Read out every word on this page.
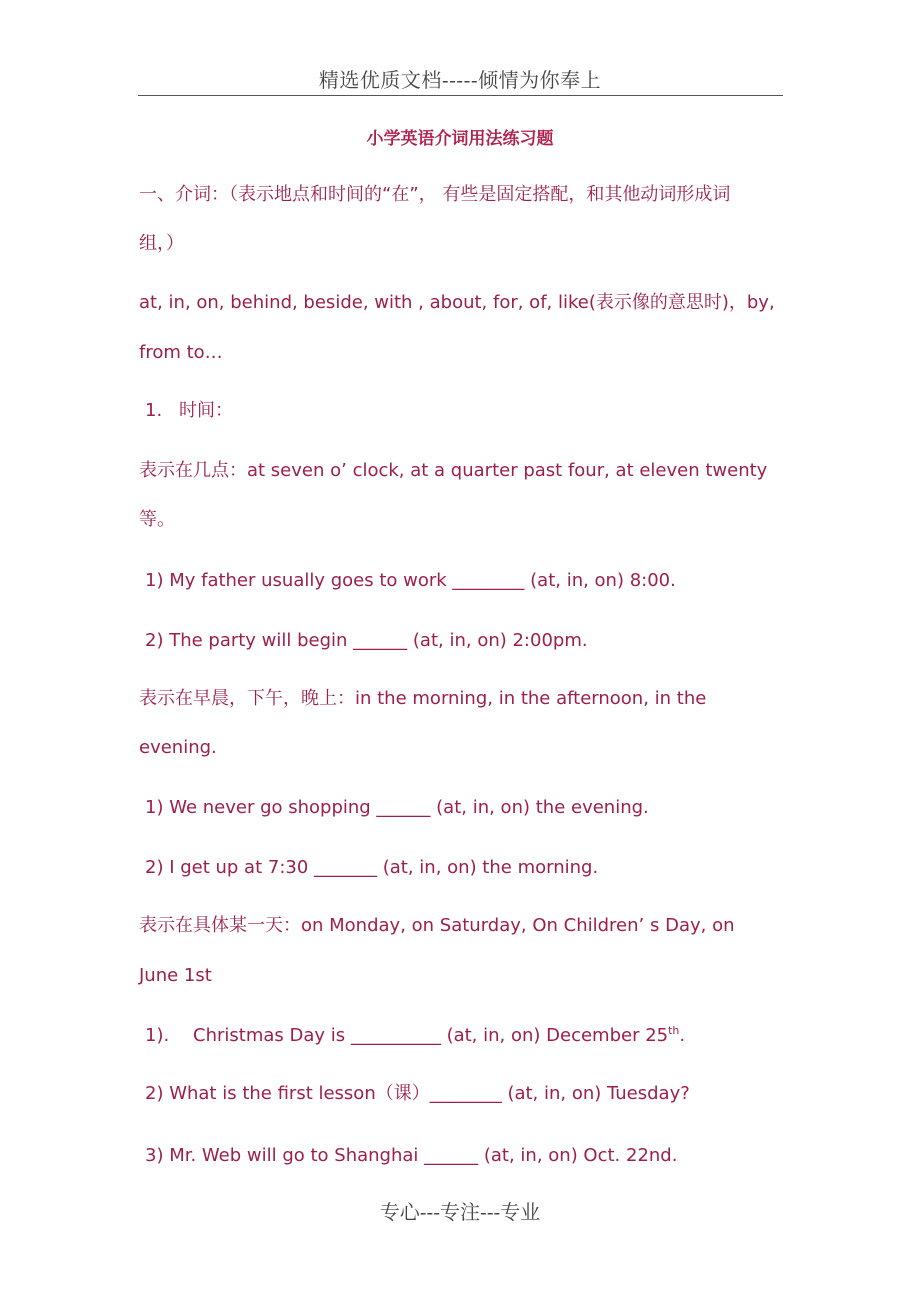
精选优质文档-----倾情为你奉上
小学英语介词用法练习题
一、介词：（表示地点和时间的“在”， 有些是固定搭配，和其他动词形成词
组，）
at, in, on, behind, beside, with , about, for, of, like(表示像的意思时)，by,
from to…
1. 时间：
表示在几点：at seven o’ clock, at a quarter past four, at eleven twenty
等。
1) My father usually goes to work ________ (at, in, on) 8:00.
2) The party will begin ______ (at, in, on) 2:00pm.
表示在早晨，下午，晚上：in the morning, in the afternoon, in the
evening.
1) We never go shopping ______ (at, in, on) the evening.
2) I get up at 7:30 _______ (at, in, on) the morning.
表示在具体某一天：on Monday, on Saturday, On Children’ s Day, on
June 1st
1). Christmas Day is __________ (at, in, on) December 25th.
2) What is the first lesson（课）________ (at, in, on) Tuesday?
3) Mr. Web will go to Shanghai ______ (at, in, on) Oct. 22nd.
专心---专注---专业
